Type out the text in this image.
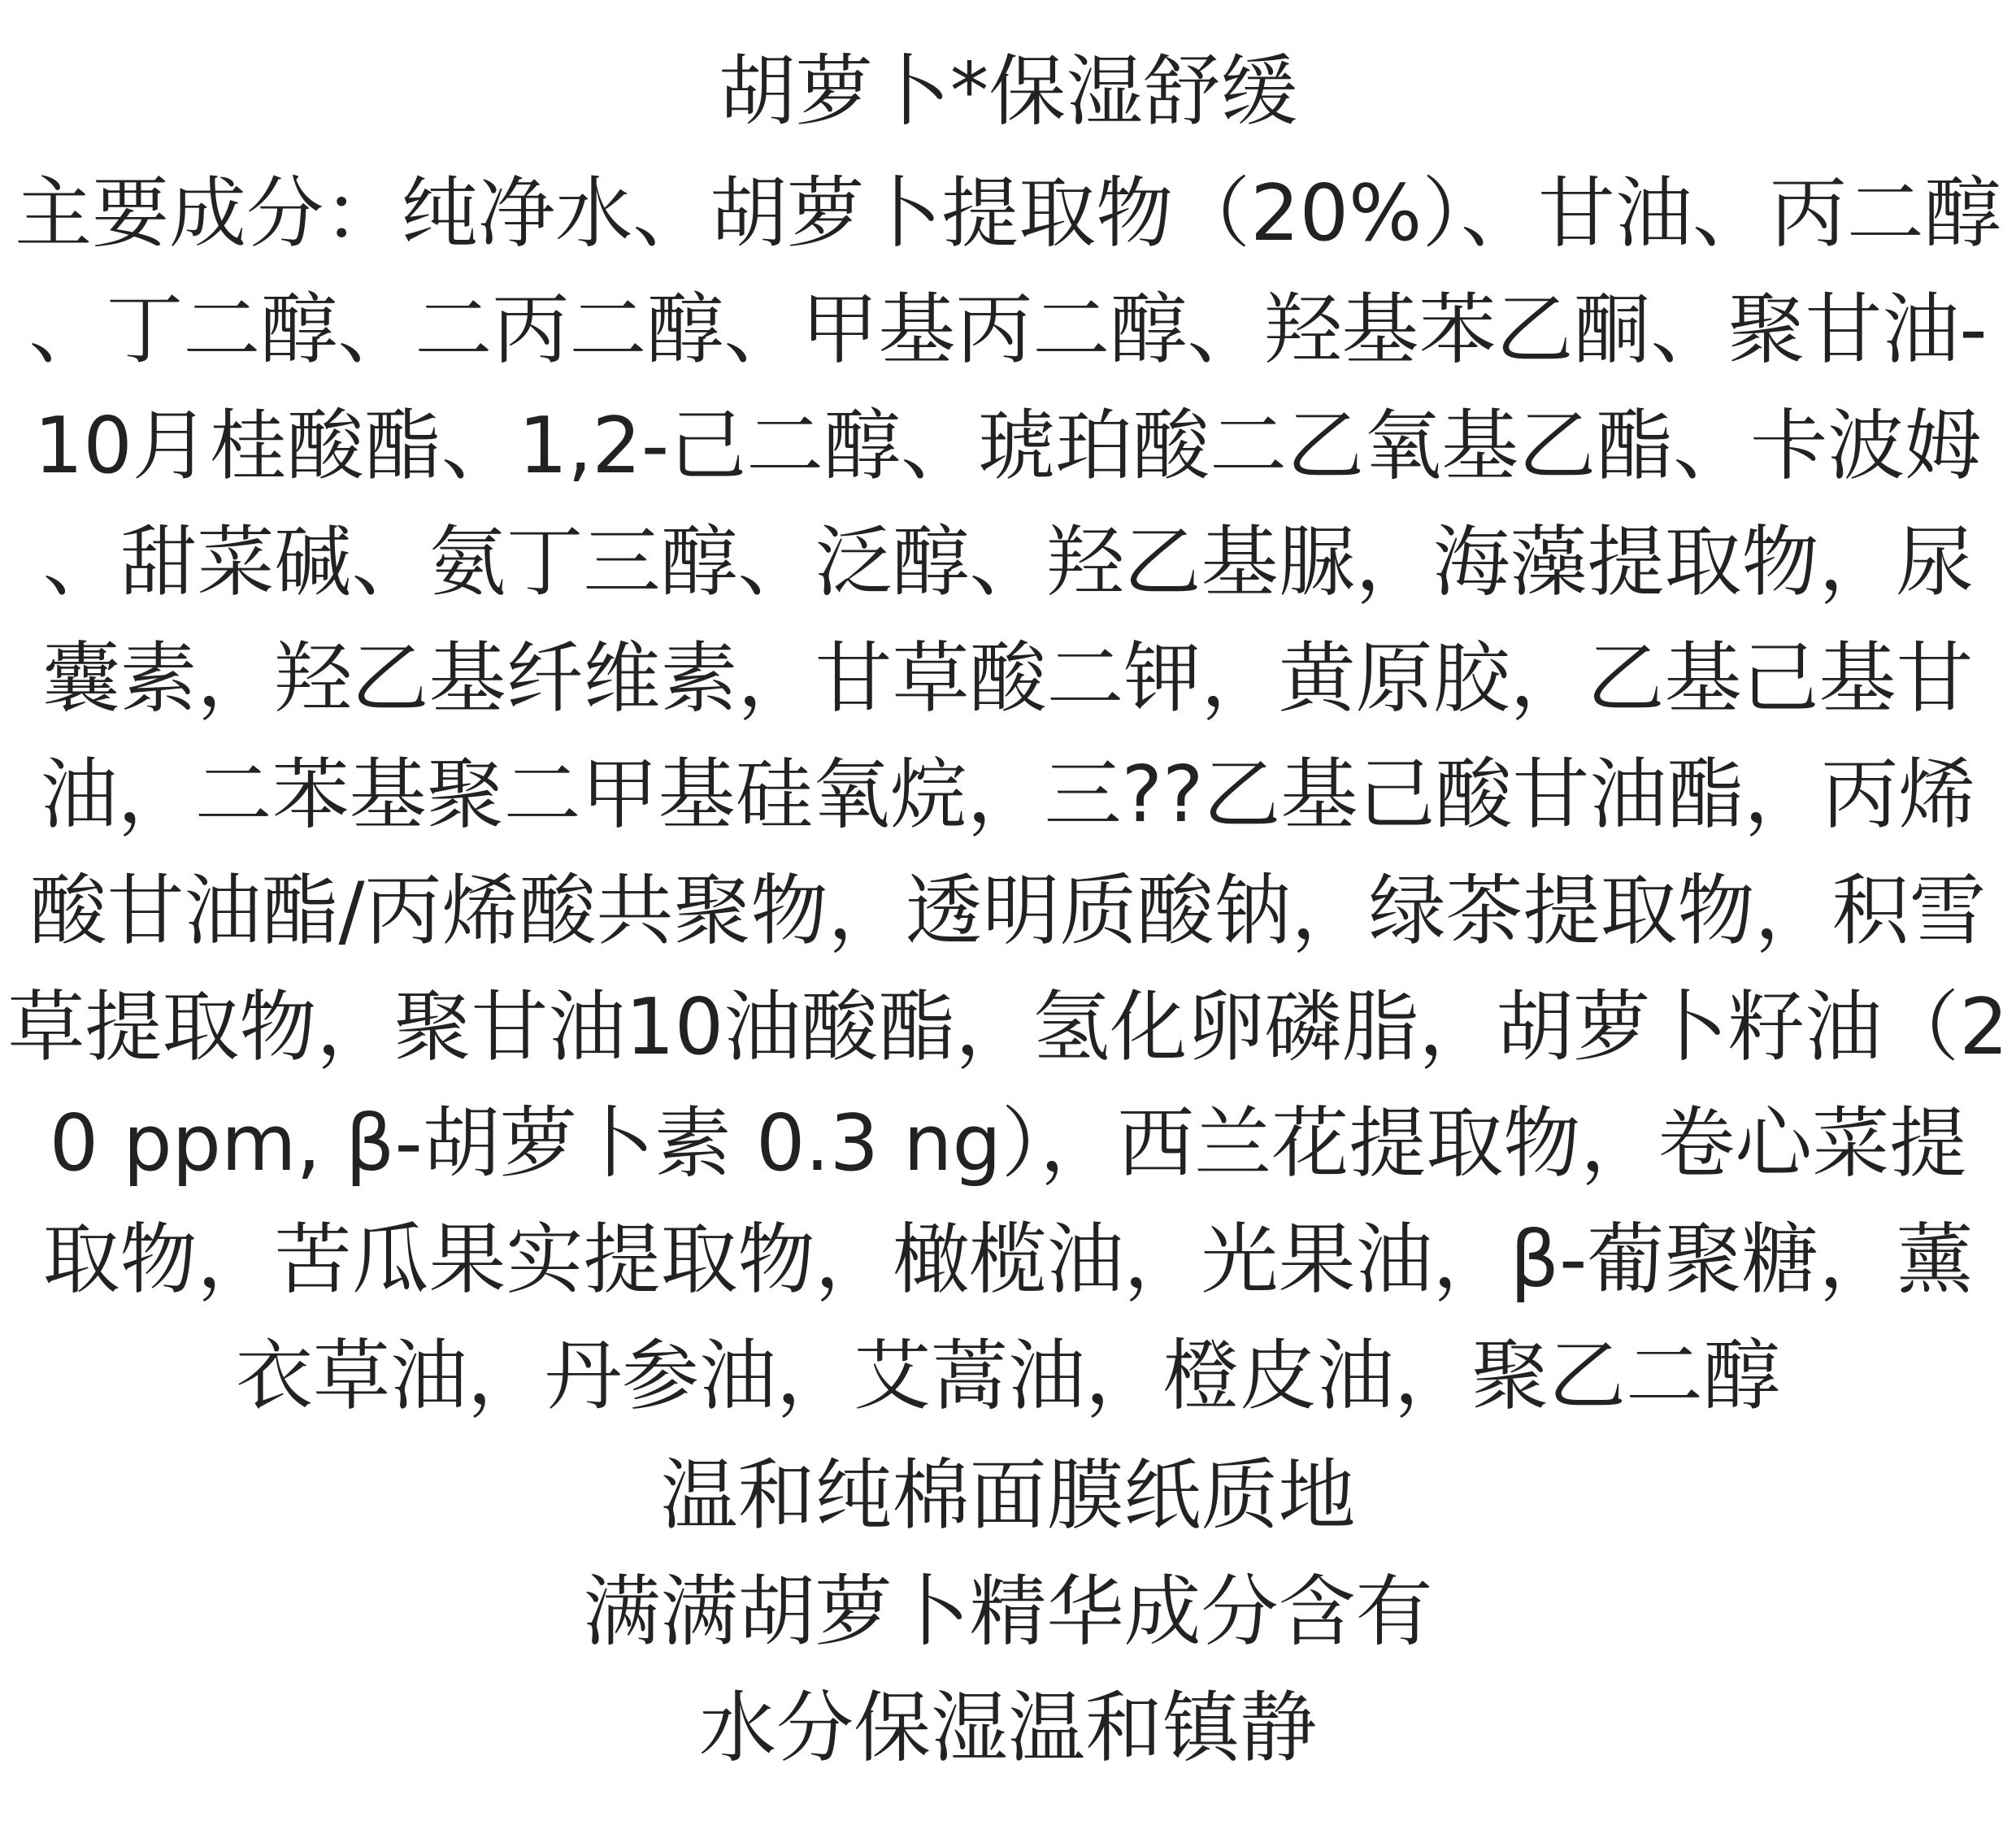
胡萝卜*保湿舒缓
主要成分：纯净水、胡萝卜提取物（20%）、甘油、丙二醇
、丁二醇、二丙二醇、甲基丙二醇、羟基苯乙酮、聚甘油-
10月桂酸酯、1,2-己二醇、琥珀酸二乙氧基乙酯、卡波姆
、甜菜碱、氨丁三醇、泛醇、羟乙基脲，海藻提取物，尿
囊素，羟乙基纤维素，甘草酸二钾，黄原胶，乙基己基甘
油，二苯基聚二甲基硅氧烷，三??乙基己酸甘油酯，丙烯
酸甘油酯/丙烯酸共聚物，透明质酸钠，绿茶提取物，积雪
草提取物，聚甘油10油酸酯，氢化卵磷脂，胡萝卜籽油（2
0 ppm, β-胡萝卜素 0.3 ng），西兰花提取物，卷心菜提
取物，苦瓜果实提取物，橄榄油，光果油，β-葡聚糖，薰
衣草油，丹参油，艾蒿油，橙皮油，聚乙二醇
温和纯棉面膜纸质地
满满胡萝卜精华成分含有
水分保湿温和镇静
